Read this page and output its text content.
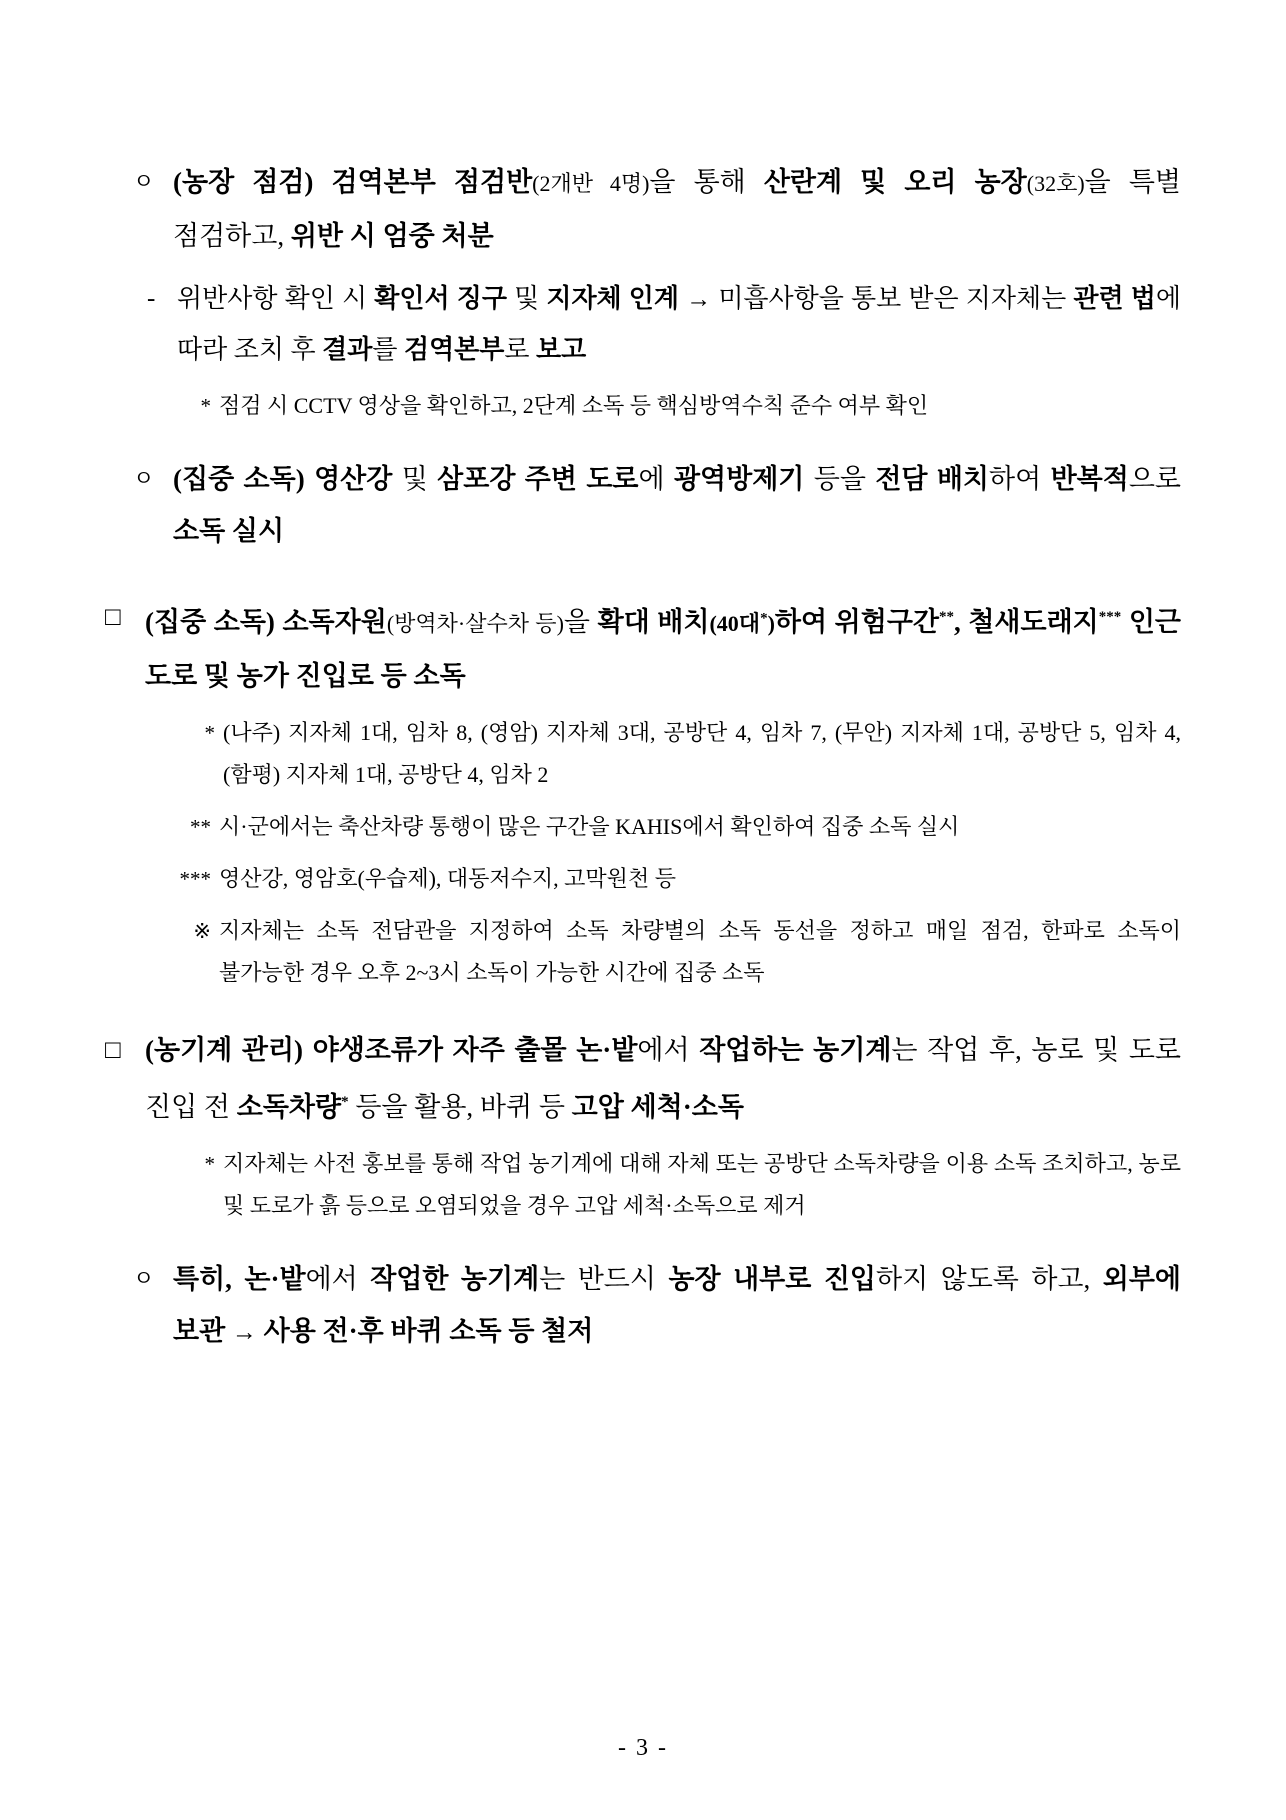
ㅇ (농장 점검) 검역본부 점검반(2개반 4명)을 통해 산란계 및 오리 농장(32호)을 특별 점검하고, 위반 시 엄중 처분
- 위반사항 확인 시 확인서 징구 및 지자체 인계 → 미흡사항을 통보 받은 지자체는 관련 법에 따라 조치 후 결과를 검역본부로 보고
* 점검 시 CCTV 영상을 확인하고, 2단계 소독 등 핵심방역수칙 준수 여부 확인
ㅇ (집중 소독) 영산강 및 삼포강 주변 도로에 광역방제기 등을 전담 배치하여 반복적으로 소독 실시
□ (집중 소독) 소독자원(방역차·살수차 등)을 확대 배치(40대*)하여 위험구간**, 철새도래지*** 인근 도로 및 농가 진입로 등 소독
* (나주) 지자체 1대, 임차 8, (영암) 지자체 3대, 공방단 4, 임차 7, (무안) 지자체 1대, 공방단 5, 임차 4, (함평) 지자체 1대, 공방단 4, 임차 2
** 시·군에서는 축산차량 통행이 많은 구간을 KAHIS에서 확인하여 집중 소독 실시
*** 영산강, 영암호(우습제), 대동저수지, 고막원천 등
※ 지자체는 소독 전담관을 지정하여 소독 차량별의 소독 동선을 정하고 매일 점검, 한파로 소독이 불가능한 경우 오후 2~3시 소독이 가능한 시간에 집중 소독
□ (농기계 관리) 야생조류가 자주 출몰 논·밭에서 작업하는 농기계는 작업 후, 농로 및 도로 진입 전 소독차량* 등을 활용, 바퀴 등 고압 세척·소독
* 지자체는 사전 홍보를 통해 작업 농기계에 대해 자체 또는 공방단 소독차량을 이용 소독 조치하고, 농로 및 도로가 흙 등으로 오염되었을 경우 고압 세척·소독으로 제거
ㅇ 특히, 논·밭에서 작업한 농기계는 반드시 농장 내부로 진입하지 않도록 하고, 외부에 보관 → 사용 전·후 바퀴 소독 등 철저
- 3 -
